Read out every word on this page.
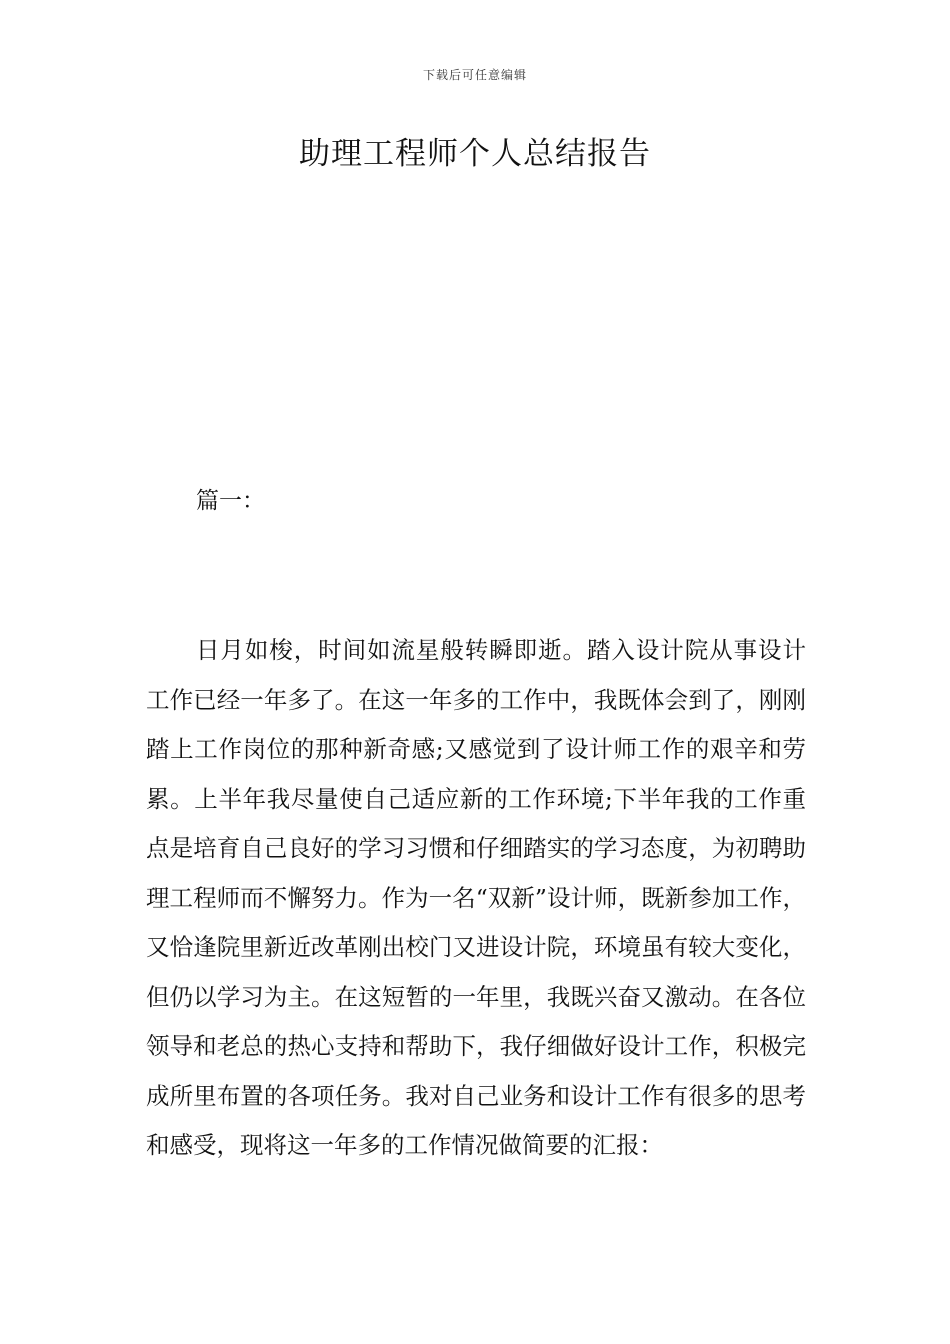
下载后可任意编辑
助理工程师个人总结报告
篇一：

日月如梭，时间如流星般转瞬即逝。踏入设计院从事设计工作已经一年多了。在这一年多的工作中，我既体会到了，刚刚踏上工作岗位的那种新奇感;又感觉到了设计师工作的艰辛和劳累。上半年我尽量使自己适应新的工作环境;下半年我的工作重点是培育自己良好的学习习惯和仔细踏实的学习态度，为初聘助理工程师而不懈努力。作为一名“双新”设计师，既新参加工作，又恰逢院里新近改革刚出校门又进设计院，环境虽有较大变化，但仍以学习为主。在这短暂的一年里，我既兴奋又激动。在各位领导和老总的热心支持和帮助下，我仔细做好设计工作，积极完成所里布置的各项任务。我对自己业务和设计工作有很多的思考和感受，现将这一年多的工作情况做简要的汇报：
